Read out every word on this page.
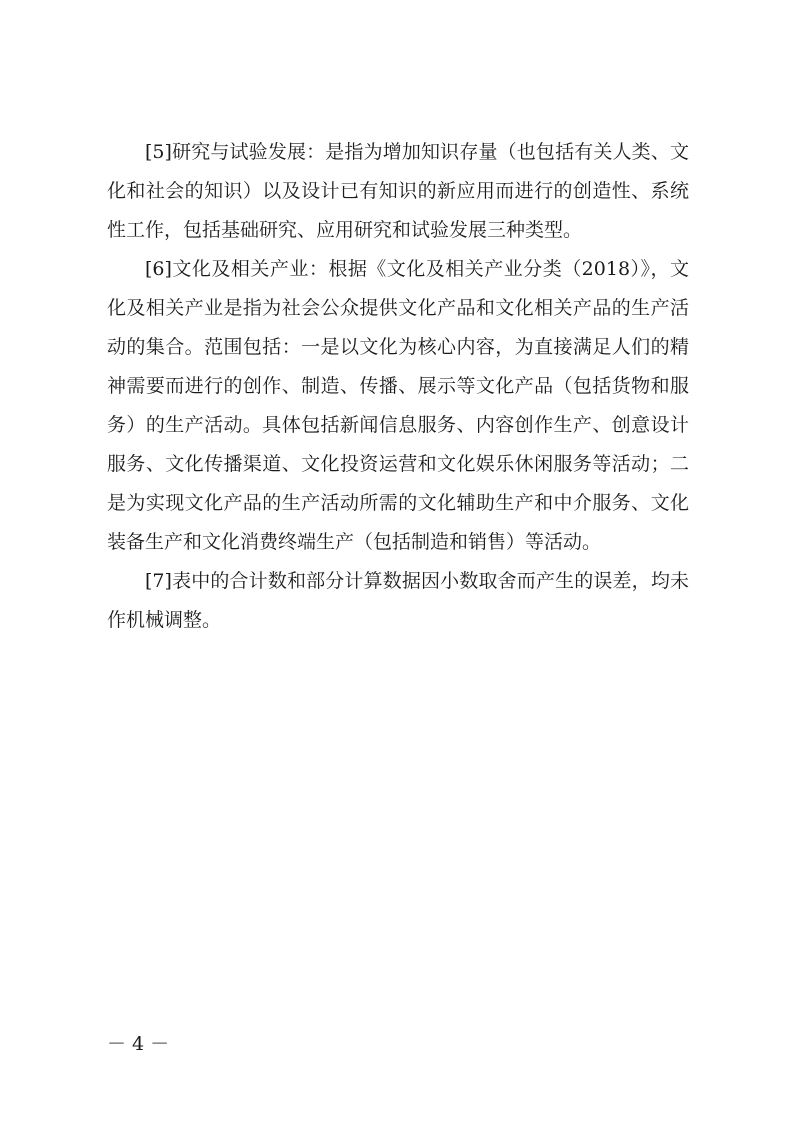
[5]研究与试验发展：是指为增加知识存量（也包括有关人类、文化和社会的知识）以及设计已有知识的新应用而进行的创造性、系统性工作，包括基础研究、应用研究和试验发展三种类型。

[6]文化及相关产业：根据《文化及相关产业分类（2018）》，文化及相关产业是指为社会公众提供文化产品和文化相关产品的生产活动的集合。范围包括：一是以文化为核心内容，为直接满足人们的精神需要而进行的创作、制造、传播、展示等文化产品（包括货物和服务）的生产活动。具体包括新闻信息服务、内容创作生产、创意设计服务、文化传播渠道、文化投资运营和文化娱乐休闲服务等活动；二是为实现文化产品的生产活动所需的文化辅助生产和中介服务、文化装备生产和文化消费终端生产（包括制造和销售）等活动。

[7]表中的合计数和部分计算数据因小数取舍而产生的误差，均未作机械调整。

－ 4 －
